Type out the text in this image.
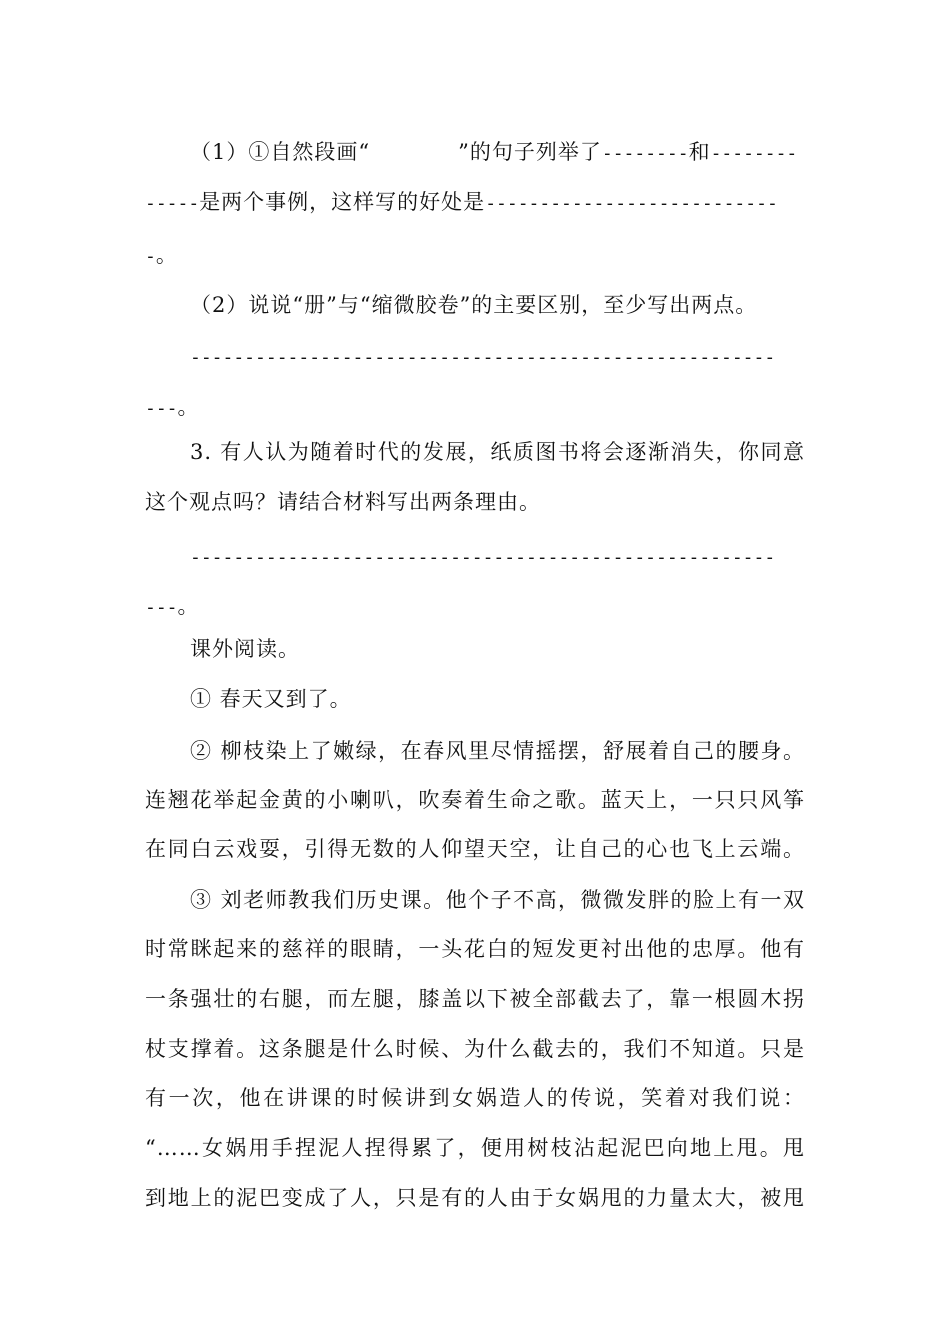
（1）①自然段画“　　　　	”的句子列举了--------和--------
-----是两个事例，这样写的好处是---------------------------
-。
（2）说说“册”与“缩微胶卷”的主要区别，至少写出两点。
------------------------------------------------------
---。
3. 有人认为随着时代的发展，纸质图书将会逐渐消失，你同意
这个观点吗？请结合材料写出两条理由。
------------------------------------------------------
---。
课外阅读。
① 春天又到了。
② 柳枝染上了嫩绿，在春风里尽情摇摆，舒展着自己的腰身。
连翘花举起金黄的小喇叭，吹奏着生命之歌。蓝天上，一只只风筝
在同白云戏耍，引得无数的人仰望天空，让自己的心也飞上云端。
③ 刘老师教我们历史课。他个子不高，微微发胖的脸上有一双
时常眯起来的慈祥的眼睛，一头花白的短发更衬出他的忠厚。他有
一条强壮的右腿，而左腿，膝盖以下被全部截去了，靠一根圆木拐
杖支撑着。这条腿是什么时候、为什么截去的，我们不知道。只是
有一次，他在讲课的时候讲到女娲造人的传说，笑着对我们说：
“……女娲用手捏泥人捏得累了，便用树枝沾起泥巴向地上甩。甩
到地上的泥巴变成了人，只是有的人由于女娲甩的力量太大，被甩
